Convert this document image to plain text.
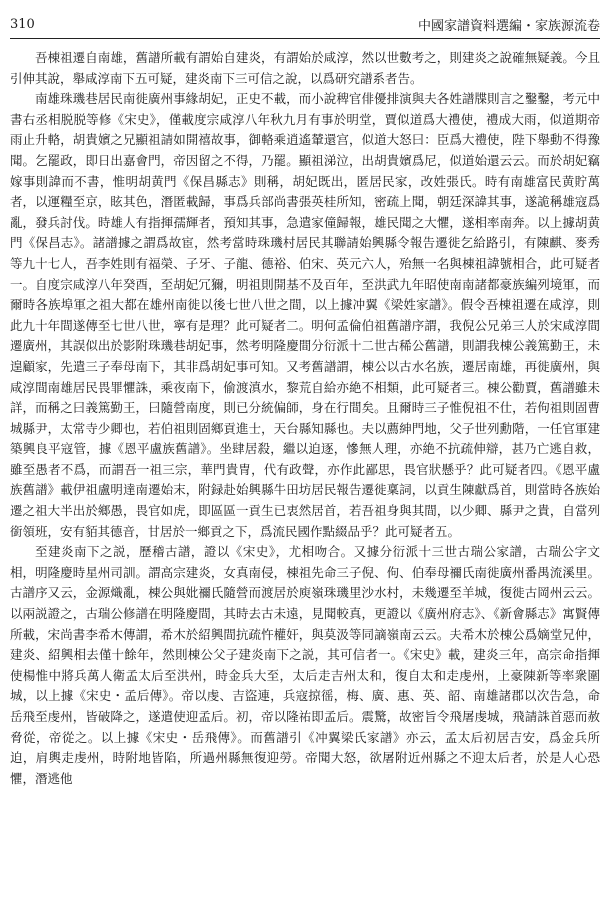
310	中國家譜資料選編・家族源流卷

吾棟祖遷自南雄，舊譜所載有謂始自建炎，有謂始於咸淳，然以世數考之，則建炎之說確無疑義。今且引伸其說，舉咸淳南下五可疑，建炎南下三可信之說，以爲研究譜系者告。

南雄珠璣巷居民南徙廣州事緣胡妃，正史不載，而小說稗官俳優排演與夫各姓譜牒則言之鑿鑿，考元中書右丞相脱脱等修《宋史》，僅載度宗咸淳八年秋九月有事於明堂，賈似道爲大禮使，禮成大雨，似道期帝雨止升輅，胡貴嬪之兄顯祖請如開禧故事，御輅乘逍遙輦還宫，似道大怒曰：臣爲大禮使，陛下舉動不得豫聞。乞罷政，即日出嘉會門，帝因留之不得，乃罷。顯祖涕泣，出胡貴嬪爲尼，似道始還云云。而於胡妃竊嫁事則諱而不書，惟明胡黄門《保昌縣志》則稱，胡妃既出，匿居民家，改姓張氏。時有南雄富民黄貯萬者，以運糧至京，眩其色，潛匿載歸，事爲兵部尚書張英桂所知，密疏上聞，朝廷深諱其事，遂詭稱雄寇爲亂，發兵討伐。時雄人有指揮孺輝者，預知其事，急遣家僮歸報，雄民聞之大懼，遂相率南奔。以上據胡黄門《保昌志》。諸譜據之謂爲故宦，然考當時珠璣村居民其聯請始興縣令報告遷徙乞給路引，有陳麒、麥秀等九十七人，吾李姓則有福榮、子牙、子龍、德裕、伯宋、英元六人，殆無一名與棟祖諱號相合，此可疑者一。自度宗咸淳八年癸酉，至胡妃冗獮，明祖則開基不及百年，至洪武九年昭使南南諸都豪族編列境軍，而爾時各族埠軍之祖大都在雄州南徙以後七世八世之間，以上據冲翼《梁姓家譜》。假令吾棟祖遷在咸淳，則此九十年間遂傳至七世八世，寧有是理？此可疑者二。明何孟倫伯祖舊譜序謂，我倪公兄弟三人於宋咸淳間遷廣州，其誤似出於影附珠璣巷胡妃事，然考明隆慶間分衍派十二世古稀公舊譜，則謂我棟公義篤勤王，未遑顧家，先遣三子奉母南下，其非爲胡妃事可知。又考舊譜謂，棟公以古水名族，遷居南雄，再徙廣州，與咸淳間南雄居民畏罪懼誅，乘夜南下，偷渡滇水，黎荒自給亦絶不相類，此可疑者三。棟公勸賈，舊譜雖未詳，而稱之曰義篤勤王，曰隨營南度，則已分統偏師，身在行間矣。且爾時三子惟倪祖不仕，若佝祖則固曹城縣尹，太常寺少卿也，若伯祖則固鄉貢進士，天台縣知縣也。夫以薦紳門地，父子世列勳階，一任官軍建築興良平寇管，據《恩平盧族舊譜》。坐肆居殺，繼以迫逐，慘無人理，亦絶不抗疏伸辯，甚乃亡逃自救，雖至愚者不爲，而謂吾一祖三宗，華門貴冑，代有政聲，亦作此鄙思，畏官狀懸乎？此可疑者四。《恩平盧族舊譜》載伊祖盧明達南遷始末，附録赴始興縣牛田坊居民報告遷徙稟詞，以貢生陳獻爲首，則當時各族始遷之祖大半出於鄉愚，畏官如虎，即區區一貢生已衷然居首，若吾祖身與其間，以少卿、縣尹之貴，自當列銜領班，安有貊其德音，甘居於一鄉貢之下，爲流民國作點綴品乎？此可疑者五。

至建炎南下之説，歷稽古譜，證以《宋史》，尤相吻合。又據分衍派十三世古瑞公家譜，古瑞公字文相，明隆慶時星州司訓。謂高宗建炎，女真南侵，棟祖先命三子倪、佝、伯奉母禰氏南徙廣州番禺流溪里。古譜序又云，金源熾亂，棟公與妣禰氏隨營而渡居於庾嶺珠璣里沙水村，未幾遷至羊城，復徙古岡州云云。以兩説證之，古瑞公修譜在明隆慶間，其時去古未遠，見聞較真，更證以《廣州府志》、《新會縣志》寓賢傳所載，宋尚書李希木傳謂，希木於紹興間抗疏忤權奸，與莫汲等同謫嶺南云云。夫希木於棟公爲嫡堂兄仲，建炎、紹興相去僅十餘年，然則棟公父子建炎南下之説，其可信者一。《宋史》載，建炎三年，高宗命指揮使楊惟中將兵萬人衛孟太后至洪州，時金兵大至，太后走吉州太和，復自太和走虔州，上豪陳新等率衆圍城，以上據《宋史・孟后傳》。帝以虔、吉盜連，兵寇掠徭，梅、廣、惠、英、韶、南雄諸郡以次告急，命岳飛至虔州，皆破降之，遂遣使迎孟后。初，帝以隆祐即孟后。震驚，故密旨令飛屠虔城，飛請誅首惡而赦脅從，帝從之。以上據《宋史・岳飛傳》。而舊譜引《冲翼梁氏家譜》亦云，孟太后初居吉安，爲金兵所迫，肩輿走虔州，時附地皆陷，所過州縣無復迎勞。帝聞大怒，欲屠附近州縣之不迎太后者，於是人心恐懼，潛逃他
